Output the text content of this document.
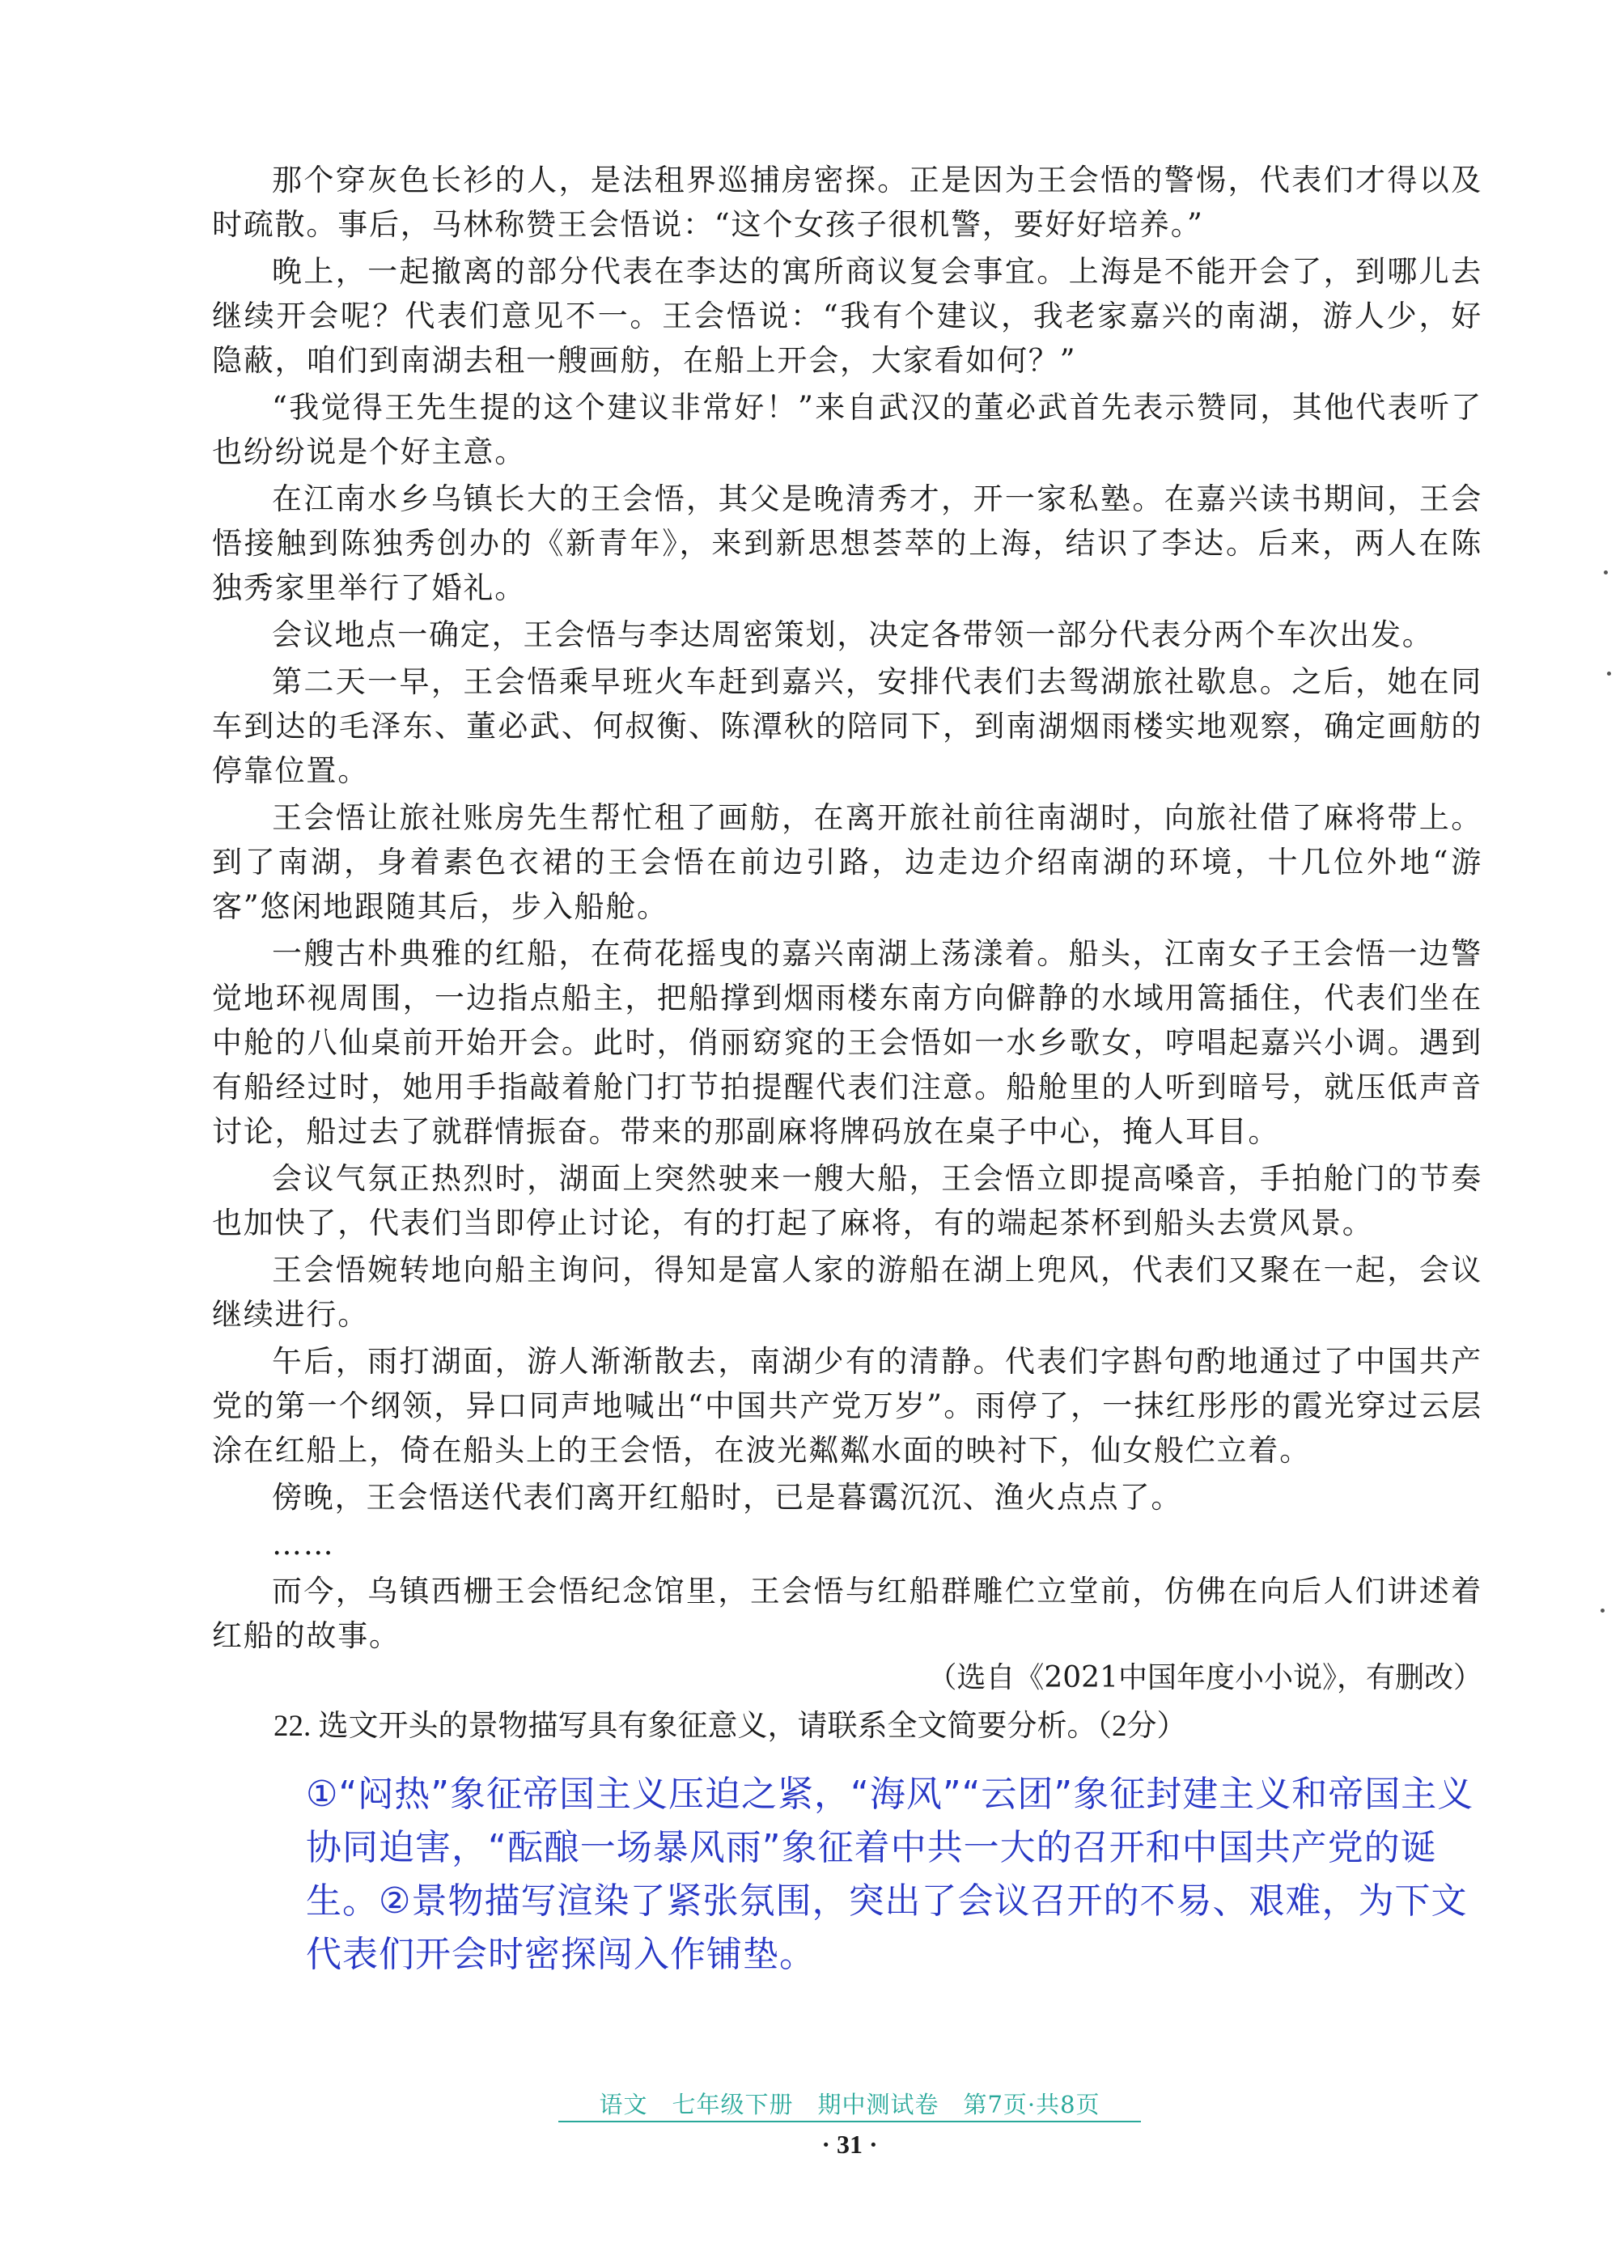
那个穿灰色长衫的人，是法租界巡捕房密探。正是因为王会悟的警惕，代表们才得以及时疏散。事后，马林称赞王会悟说：“这个女孩子很机警，要好好培养。”

晚上，一起撤离的部分代表在李达的寓所商议复会事宜。上海是不能开会了，到哪儿去继续开会呢？代表们意见不一。王会悟说：“我有个建议，我老家嘉兴的南湖，游人少，好隐蔽，咱们到南湖去租一艘画舫，在船上开会，大家看如何？”

“我觉得王先生提的这个建议非常好！”来自武汉的董必武首先表示赞同，其他代表听了也纷纷说是个好主意。

在江南水乡乌镇长大的王会悟，其父是晚清秀才，开一家私塾。在嘉兴读书期间，王会悟接触到陈独秀创办的《新青年》，来到新思想荟萃的上海，结识了李达。后来，两人在陈独秀家里举行了婚礼。

会议地点一确定，王会悟与李达周密策划，决定各带领一部分代表分两个车次出发。

第二天一早，王会悟乘早班火车赶到嘉兴，安排代表们去鸳湖旅社歇息。之后，她在同车到达的毛泽东、董必武、何叔衡、陈潭秋的陪同下，到南湖烟雨楼实地观察，确定画舫的停靠位置。

王会悟让旅社账房先生帮忙租了画舫，在离开旅社前往南湖时，向旅社借了麻将带上。到了南湖，身着素色衣裙的王会悟在前边引路，边走边介绍南湖的环境，十几位外地“游客”悠闲地跟随其后，步入船舱。

一艘古朴典雅的红船，在荷花摇曳的嘉兴南湖上荡漾着。船头，江南女子王会悟一边警觉地环视周围，一边指点船主，把船撑到烟雨楼东南方向僻静的水域用篙插住，代表们坐在中舱的八仙桌前开始开会。此时，俏丽窈窕的王会悟如一水乡歌女，哼唱起嘉兴小调。遇到有船经过时，她用手指敲着舱门打节拍提醒代表们注意。船舱里的人听到暗号，就压低声音讨论，船过去了就群情振奋。带来的那副麻将牌码放在桌子中心，掩人耳目。

会议气氛正热烈时，湖面上突然驶来一艘大船，王会悟立即提高嗓音，手拍舱门的节奏也加快了，代表们当即停止讨论，有的打起了麻将，有的端起茶杯到船头去赏风景。

王会悟婉转地向船主询问，得知是富人家的游船在湖上兜风，代表们又聚在一起，会议继续进行。

午后，雨打湖面，游人渐渐散去，南湖少有的清静。代表们字斟句酌地通过了中国共产党的第一个纲领，异口同声地喊出“中国共产党万岁”。雨停了，一抹红彤彤的霞光穿过云层涂在红船上，倚在船头上的王会悟，在波光粼粼水面的映衬下，仙女般伫立着。

傍晚，王会悟送代表们离开红船时，已是暮霭沉沉、渔火点点了。

……

而今，乌镇西栅王会悟纪念馆里，王会悟与红船群雕伫立堂前，仿佛在向后人们讲述着红船的故事。

（选自《2021中国年度小小说》，有删改）
22. 选文开头的景物描写具有象征意义，请联系全文简要分析。（2分）
①“闷热”象征帝国主义压迫之紧，“海风”“云团”象征封建主义和帝国主义协同迫害，“酝酿一场暴风雨”象征着中共一大的召开和中国共产党的诞生。②景物描写渲染了紧张氛围，突出了会议召开的不易、艰难，为下文代表们开会时密探闯入作铺垫。
语文　七年级下册　期中测试卷　第7页·共8页
· 31 ·
